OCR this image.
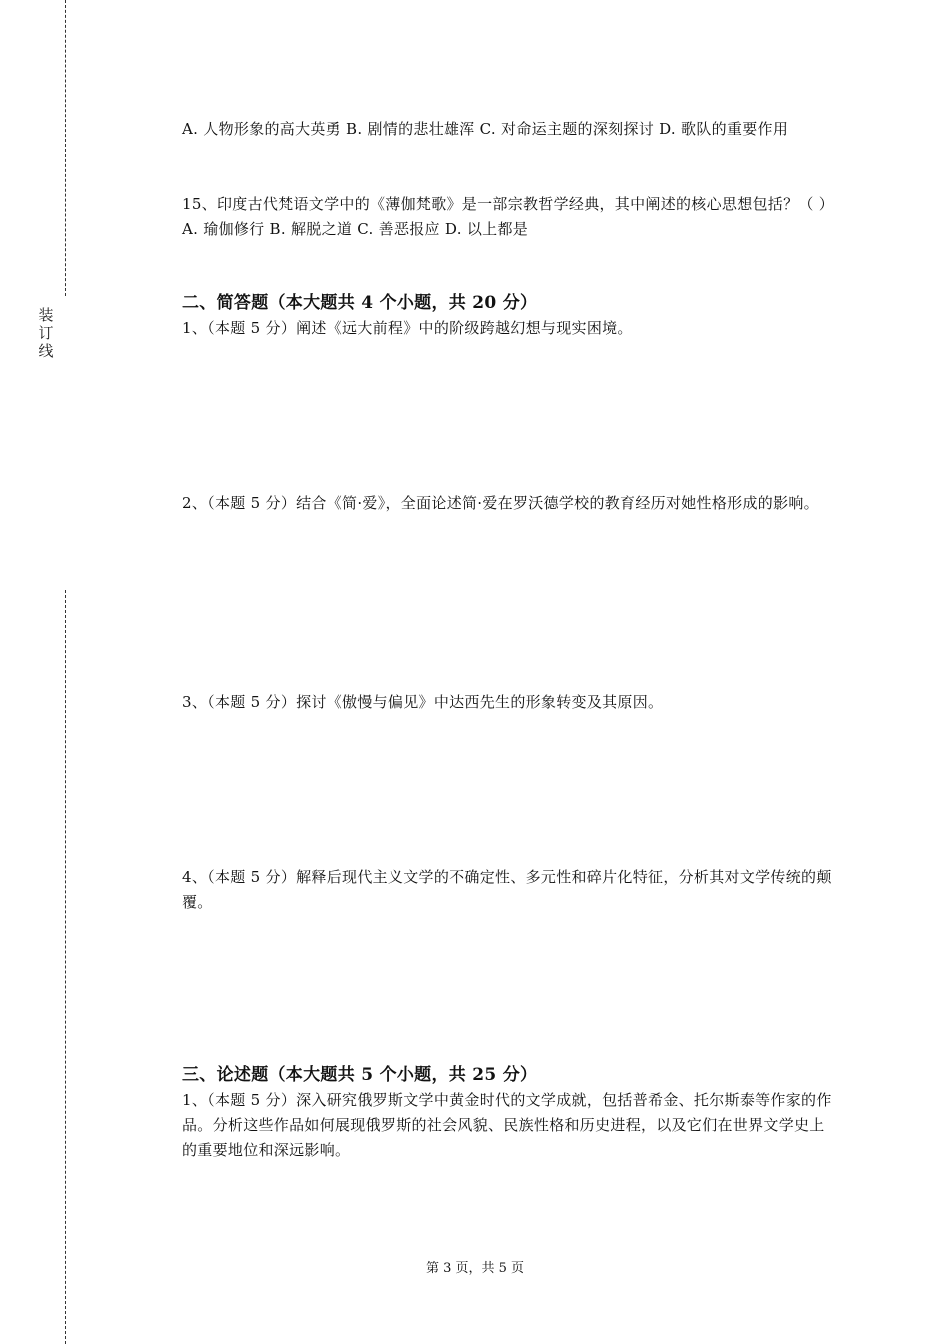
装
订
线

A. 人物形象的高大英勇 B. 剧情的悲壮雄浑 C. 对命运主题的深刻探讨 D. 歌队的重要作用

15、印度古代梵语文学中的《薄伽梵歌》是一部宗教哲学经典，其中阐述的核心思想包括？（ ）

A. 瑜伽修行 B. 解脱之道 C. 善恶报应 D. 以上都是

二、简答题（本大题共 4 个小题，共 20 分）
1、（本题 5 分）阐述《远大前程》中的阶级跨越幻想与现实困境。
2、（本题 5 分）结合《简·爱》，全面论述简·爱在罗沃德学校的教育经历对她性格形成的影响。
3、（本题 5 分）探讨《傲慢与偏见》中达西先生的形象转变及其原因。
4、（本题 5 分）解释后现代主义文学的不确定性、多元性和碎片化特征，分析其对文学传统的颠覆。
三、论述题（本大题共 5 个小题，共 25 分）
1、（本题 5 分）深入研究俄罗斯文学中黄金时代的文学成就，包括普希金、托尔斯泰等作家的作品。分析这些作品如何展现俄罗斯的社会风貌、民族性格和历史进程，以及它们在世界文学史上的重要地位和深远影响。
第 3 页，共 5 页
